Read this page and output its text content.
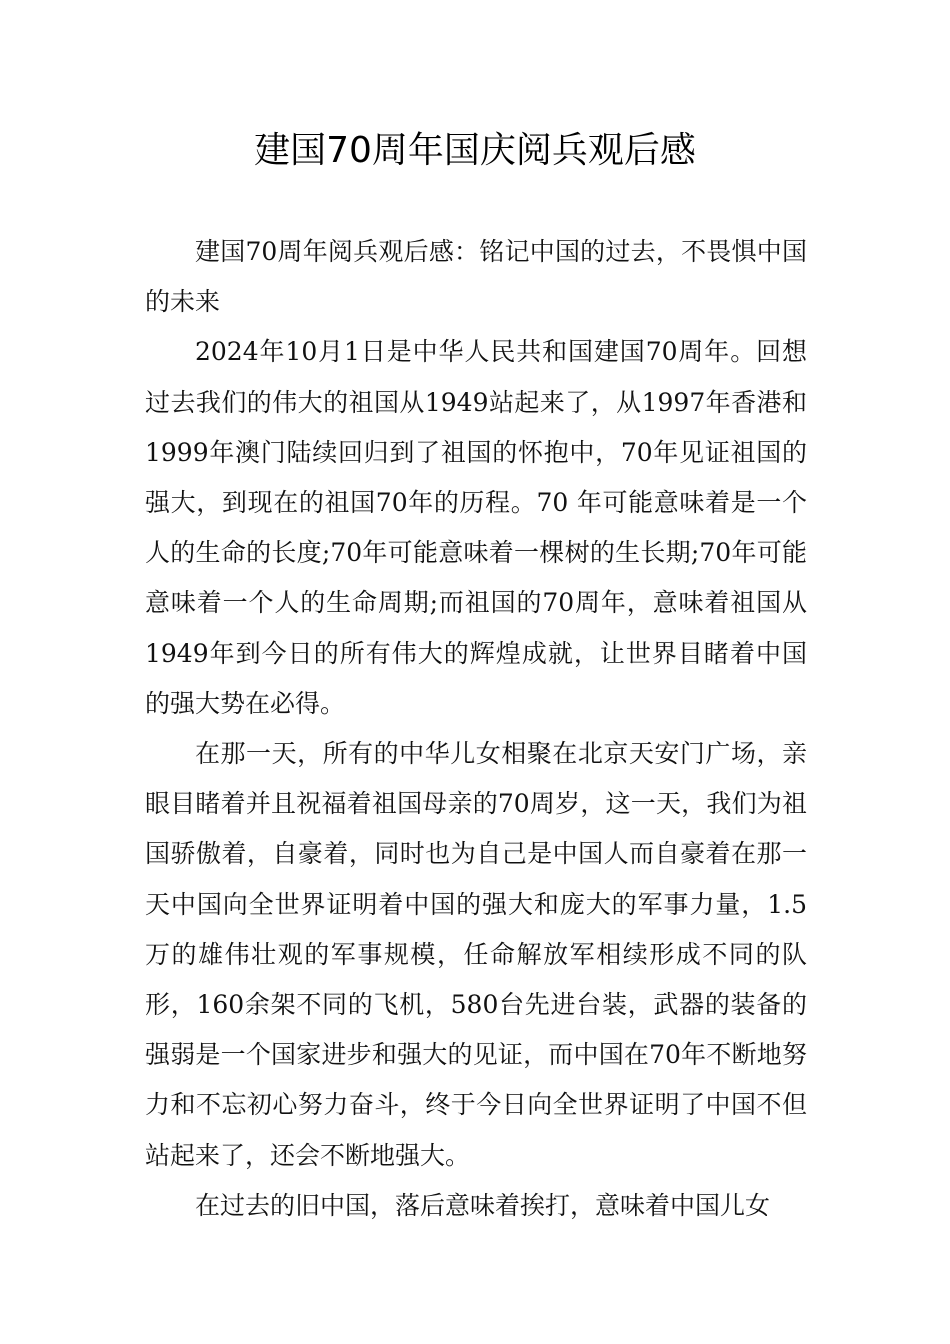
建国70周年国庆阅兵观后感

建国70周年阅兵观后感：铭记中国的过去，不畏惧中国的未来

2024年10月1日是中华人民共和国建国70周年。回想过去我们的伟大的祖国从1949站起来了，从1997年香港和1999年澳门陆续回归到了祖国的怀抱中，70年见证祖国的强大，到现在的祖国70年的历程。70 年可能意味着是一个人的生命的长度;70年可能意味着一棵树的生长期;70年可能意味着一个人的生命周期;而祖国的70周年，意味着祖国从1949年到今日的所有伟大的辉煌成就，让世界目睹着中国的强大势在必得。

在那一天，所有的中华儿女相聚在北京天安门广场，亲眼目睹着并且祝福着祖国母亲的70周岁，这一天，我们为祖国骄傲着，自豪着，同时也为自己是中国人而自豪着在那一天中国向全世界证明着中国的强大和庞大的军事力量，1.5万的雄伟壮观的军事规模，任命解放军相续形成不同的队形，160余架不同的飞机，580台先进台装，武器的装备的强弱是一个国家进步和强大的见证，而中国在70年不断地努力和不忘初心努力奋斗，终于今日向全世界证明了中国不但站起来了，还会不断地强大。

在过去的旧中国，落后意味着挨打，意味着中国儿女
